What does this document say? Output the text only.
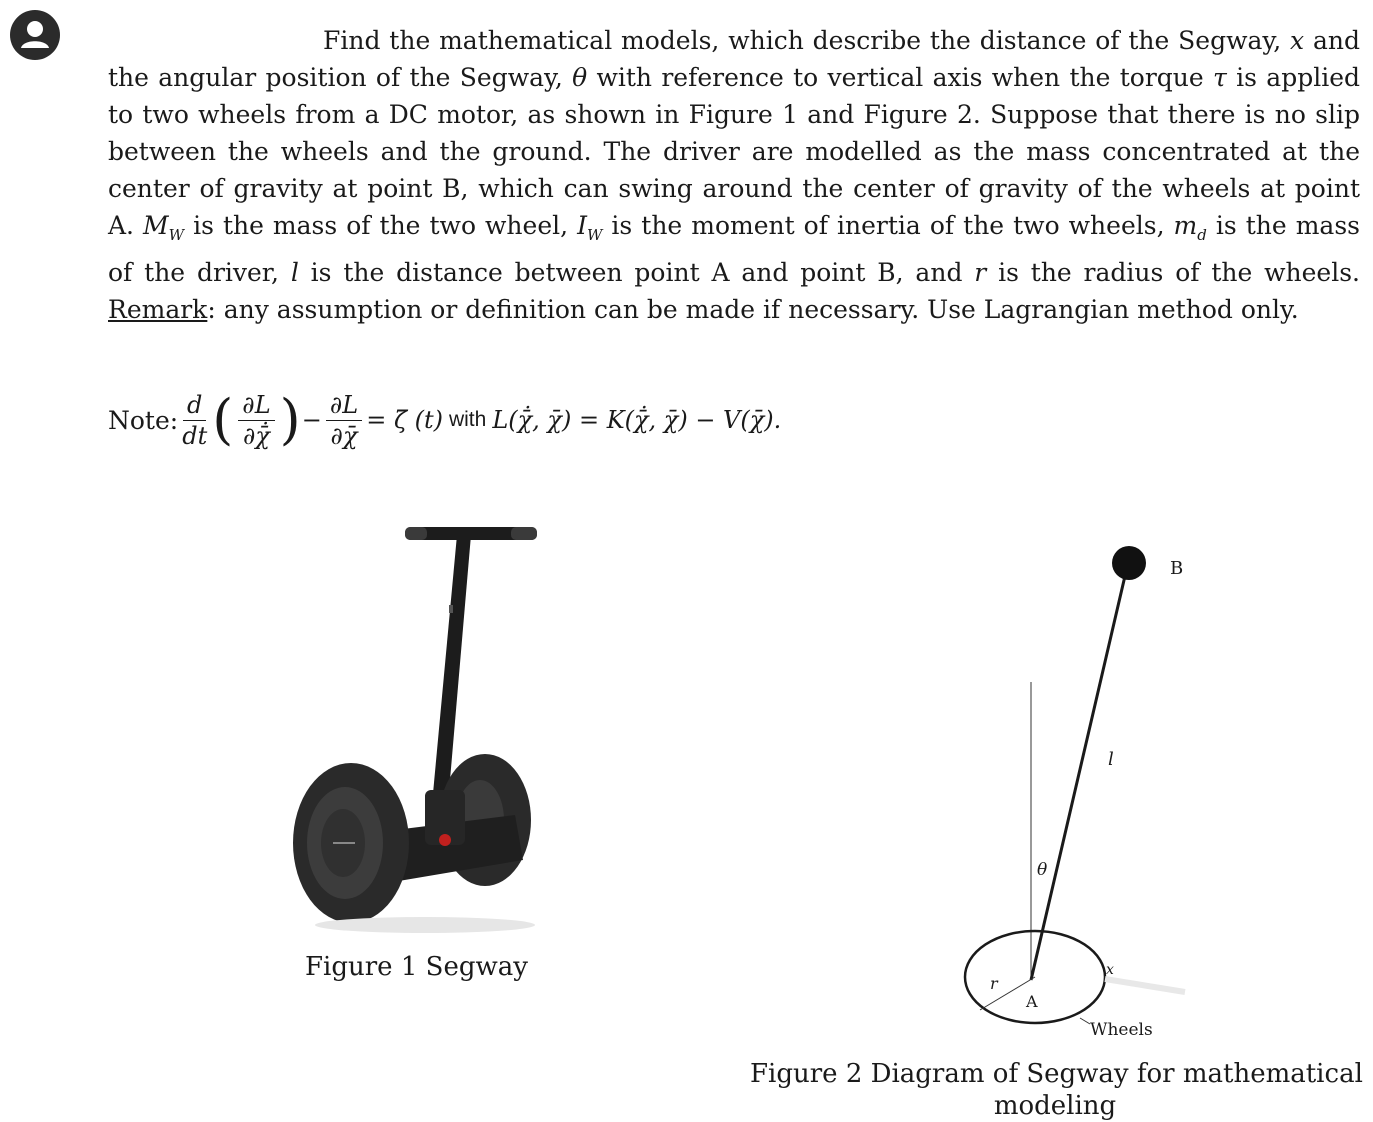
Find the mathematical models, which describe the distance of the Segway, x and the angular position of the Segway, θ with reference to vertical axis when the torque τ is applied to two wheels from a DC motor, as shown in Figure 1 and Figure 2. Suppose that there is no slip between the wheels and the ground. The driver are modelled as the mass concentrated at the center of gravity at point B, which can swing around the center of gravity of the wheels at point A. $M_W$ is the mass of the two wheel, $I_W$ is the moment of inertia of the two wheels, $m_d$ is the mass of the driver, l is the distance between point A and point B, and r is the radius of the wheels. Remark: any assumption or definition can be made if necessary. Use Lagrangian method only.

Note: $\frac{d}{dt}$ ( $\frac{\partial L}{\partial\chī̇}$ ) − $\frac{\partial L}{\partial\chī}$ = ζ̄ (t) with L(χ̄̇, χ̄) = K(χ̄̇, χ̄) − V(χ̄).
Figure 1 Segway
B
l
θ
r
A
x
Wheels
Figure 2 Diagram of Segway for mathematical
modeling
